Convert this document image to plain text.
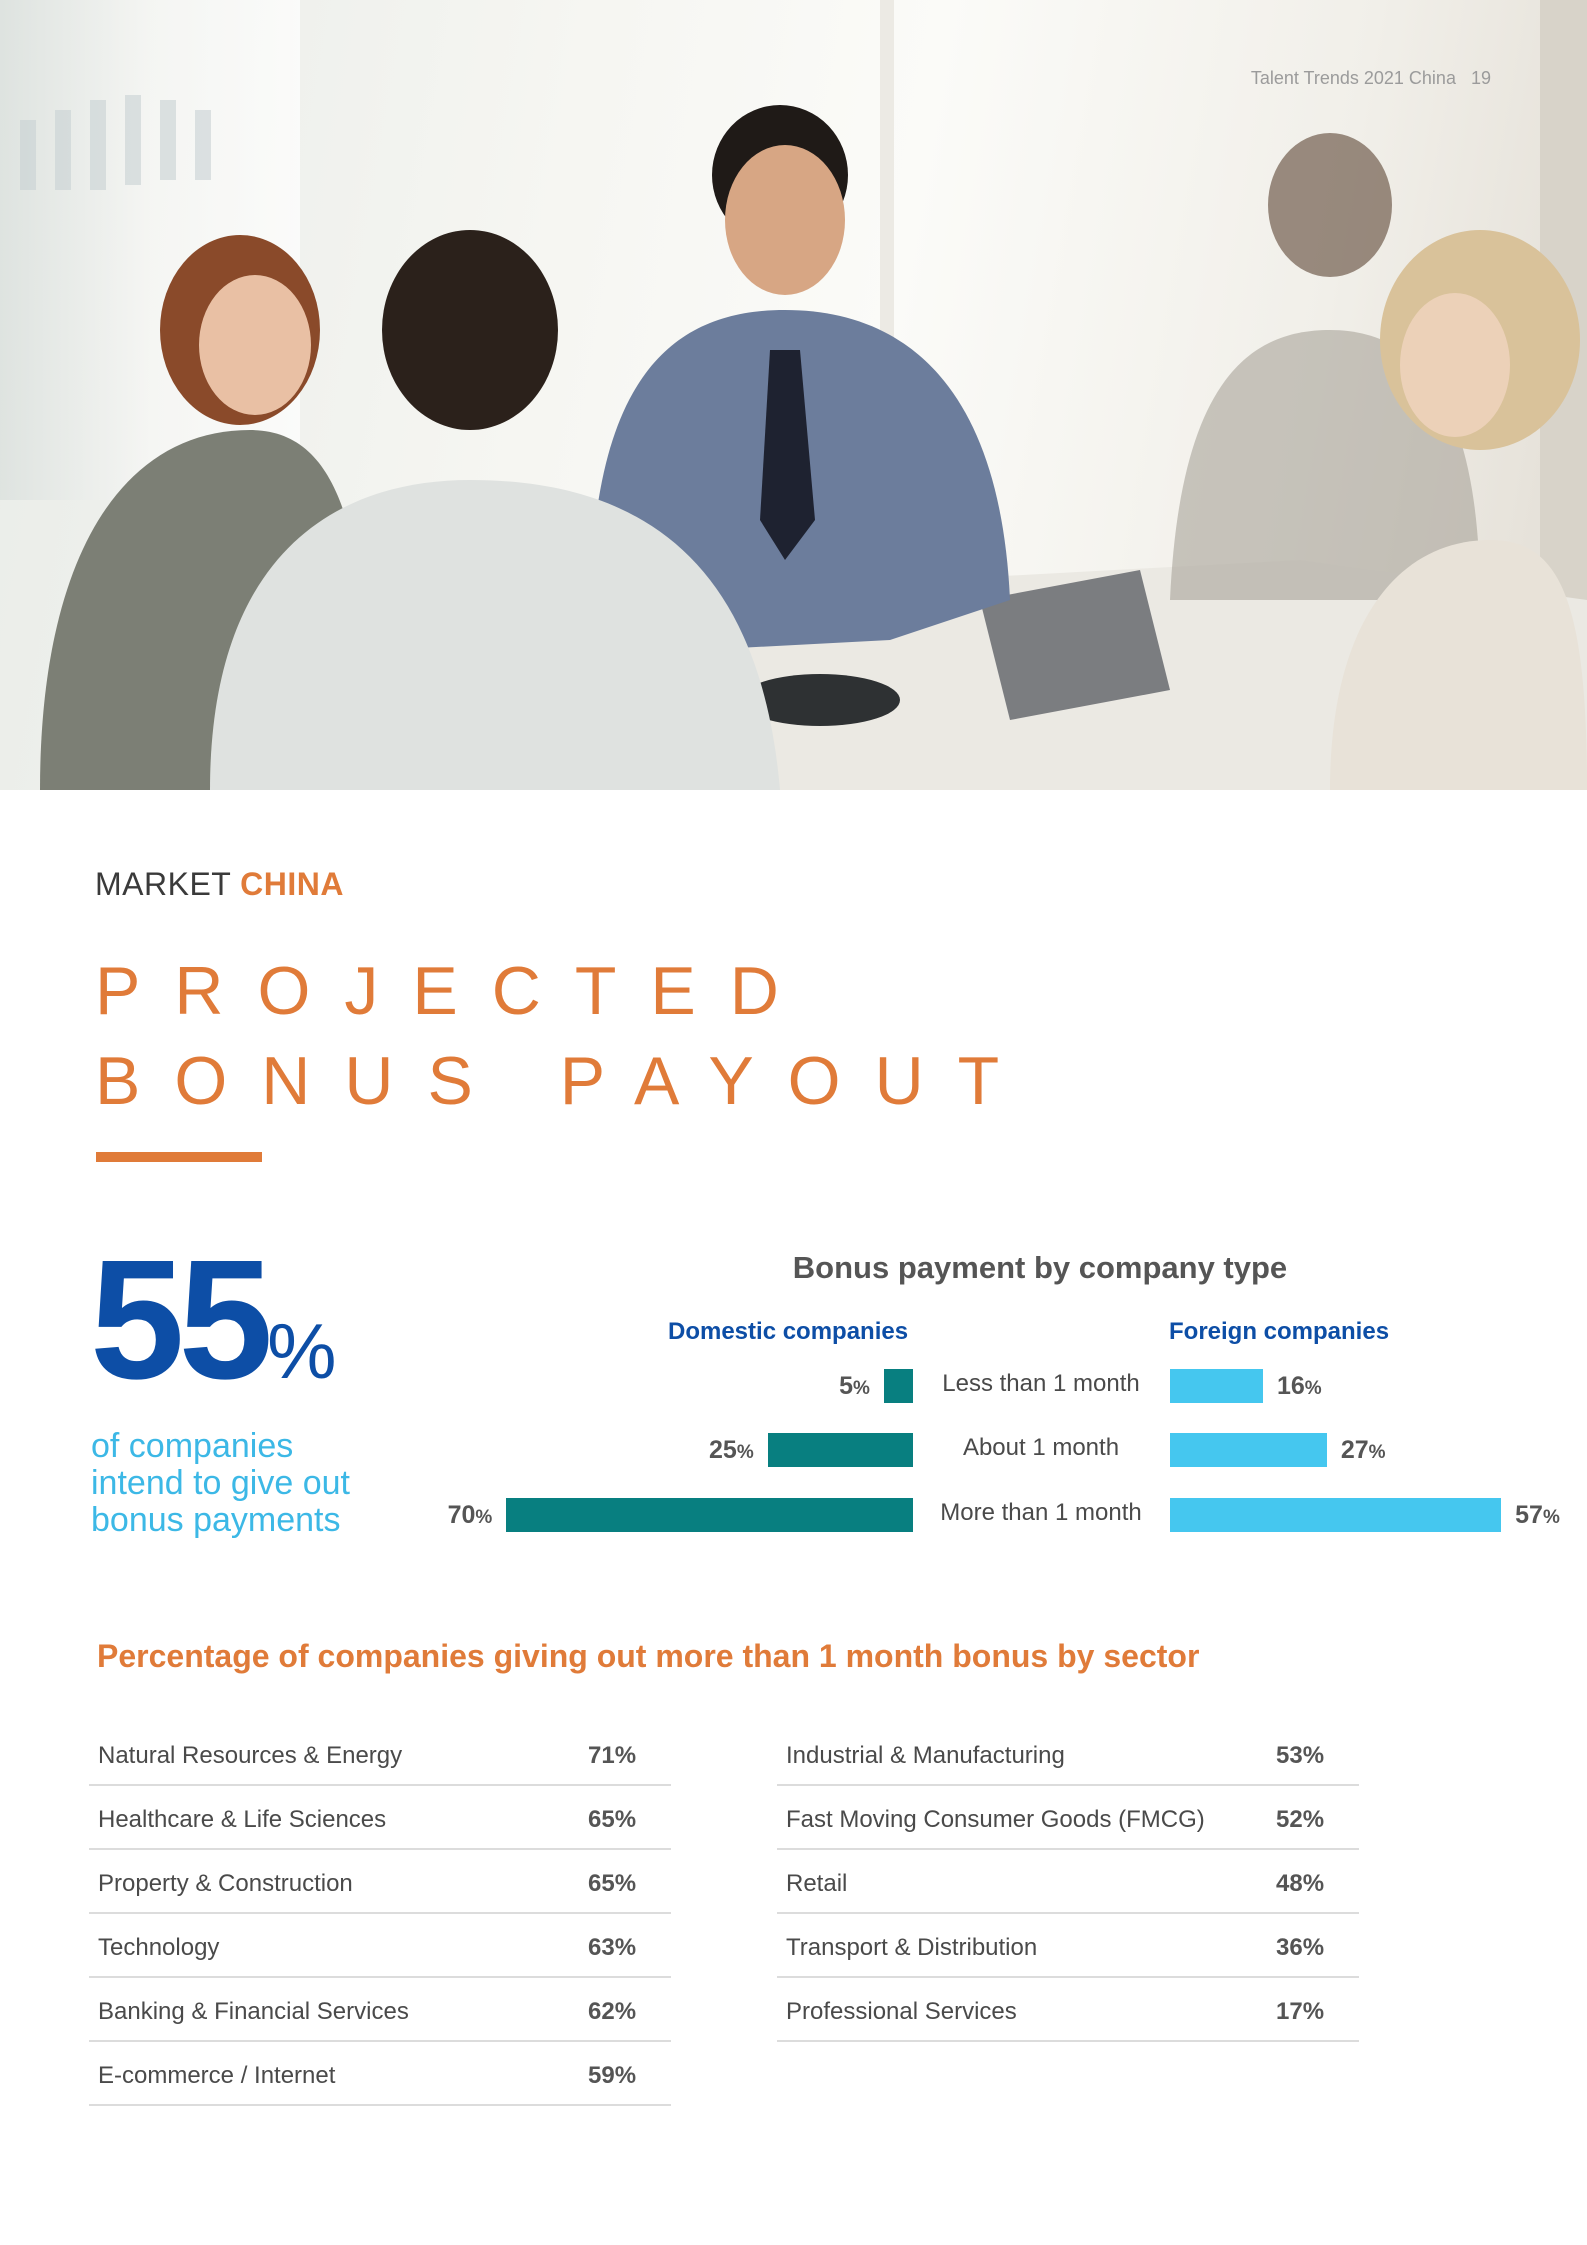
Talent Trends 2021 China 19
MARKET CHINA
PROJECTED
BONUS PAYOUT
55%
of companies intend to give out bonus payments
Bonus payment by company type
Domestic companies	Foreign companies
Less than 1 month
5%	16%
About 1 month
25%	27%
More than 1 month
70%	57%
Percentage of companies giving out more than 1 month bonus by sector
Natural Resources & Energy	71%
Healthcare & Life Sciences	65%
Property & Construction	65%
Technology	63%
Banking & Financial Services	62%
E-commerce / Internet	59%
Industrial & Manufacturing	53%
Fast Moving Consumer Goods (FMCG)	52%
Retail	48%
Transport & Distribution	36%
Professional Services	17%
